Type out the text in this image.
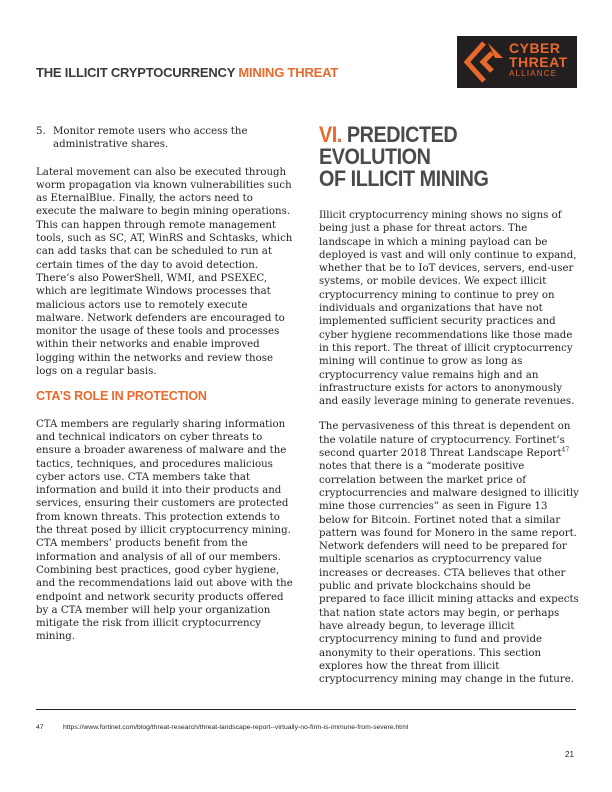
THE ILLICIT CRYPTOCURRENCY MINING THREAT
CYBER
THREAT
ALLIANCE
5. Monitor remote users who access the administrative shares.

Lateral movement can also be executed through worm propagation via known vulnerabilities such as EternalBlue. Finally, the actors need to execute the malware to begin mining operations. This can happen through remote management tools, such as SC, AT, WinRS and Schtasks, which can add tasks that can be scheduled to run at certain times of the day to avoid detection. There’s also PowerShell, WMI, and PSEXEC, which are legitimate Windows processes that malicious actors use to remotely execute malware. Network defenders are encouraged to monitor the usage of these tools and processes within their networks and enable improved logging within the networks and review those logs on a regular basis.

CTA’S ROLE IN PROTECTION

CTA members are regularly sharing information and technical indicators on cyber threats to ensure a broader awareness of malware and the tactics, techniques, and procedures malicious cyber actors use. CTA members take that information and build it into their products and services, ensuring their customers are protected from known threats. This protection extends to the threat posed by illicit cryptocurrency mining. CTA members’ products benefit from the information and analysis of all of our members. Combining best practices, good cyber hygiene, and the recommendations laid out above with the endpoint and network security products offered by a CTA member will help your organization mitigate the risk from illicit cryptocurrency mining.

VI. PREDICTED EVOLUTION
OF ILLICIT MINING

Illicit cryptocurrency mining shows no signs of being just a phase for threat actors. The landscape in which a mining payload can be deployed is vast and will only continue to expand, whether that be to IoT devices, servers, end-user systems, or mobile devices. We expect illicit cryptocurrency mining to continue to prey on individuals and organizations that have not implemented sufficient security practices and cyber hygiene recommendations like those made in this report. The threat of illicit cryptocurrency mining will continue to grow as long as cryptocurrency value remains high and an infrastructure exists for actors to anonymously and easily leverage mining to generate revenues.

The pervasiveness of this threat is dependent on the volatile nature of cryptocurrency. Fortinet’s second quarter 2018 Threat Landscape Report$^{47}$ notes that there is a “moderate positive correlation between the market price of cryptocurrencies and malware designed to illicitly mine those currencies” as seen in Figure 13 below for Bitcoin. Fortinet noted that a similar pattern was found for Monero in the same report. Network defenders will need to be prepared for multiple scenarios as cryptocurrency value increases or decreases. CTA believes that other public and private blockchains should be prepared to face illicit mining attacks and expects that nation state actors may begin, or perhaps have already begun, to leverage illicit cryptocurrency mining to fund and provide anonymity to their operations. This section explores how the threat from illicit cryptocurrency mining may change in the future.

47	https://www.fortinet.com/blog/threat-research/threat-landscape-report--virtually-no-firm-is-immune-from-severe.html
21
